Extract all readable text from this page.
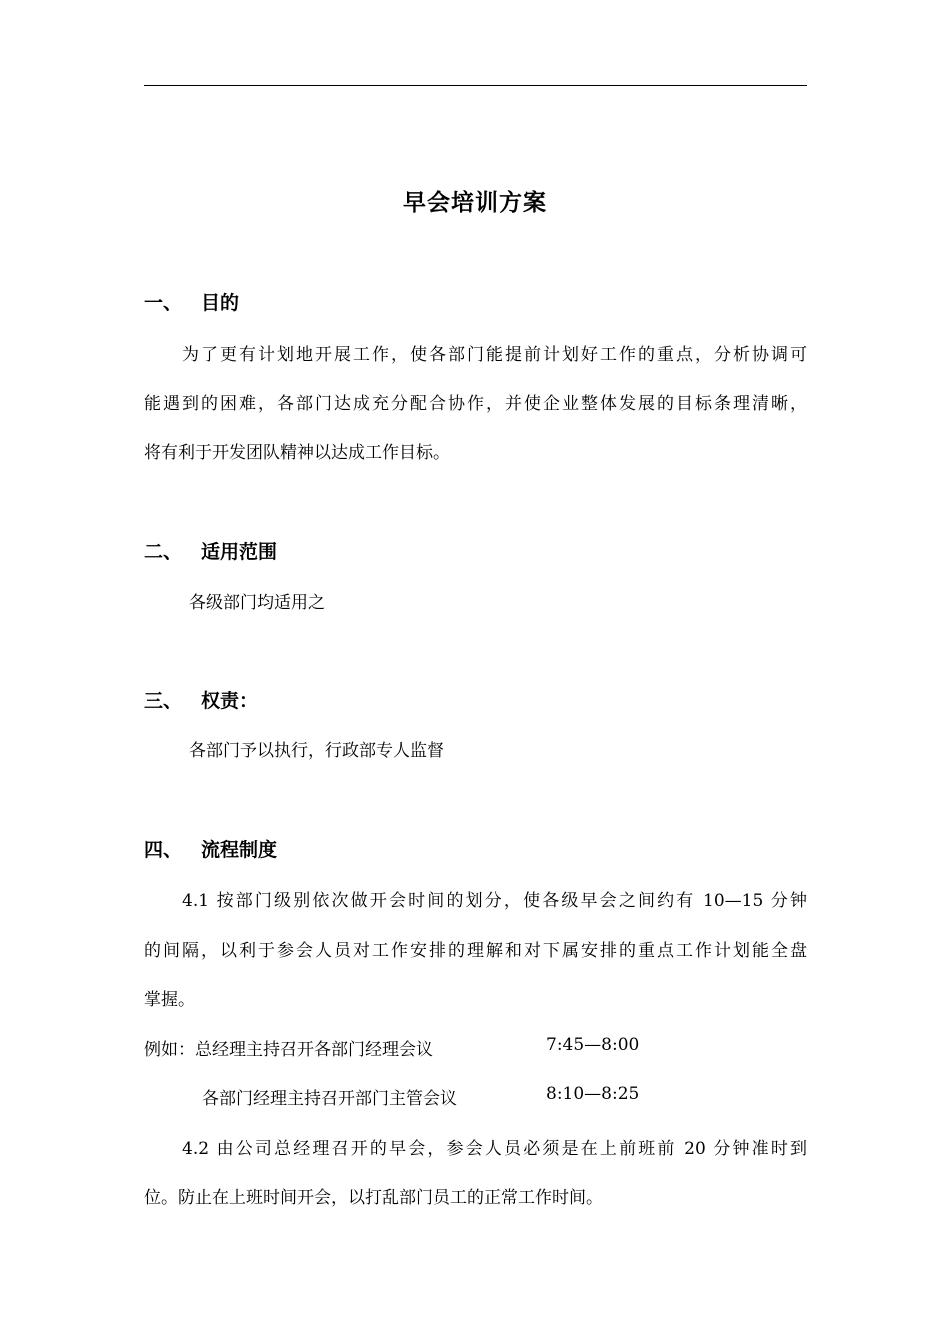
早会培训方案
一、 目的
为了更有计划地开展工作，使各部门能提前计划好工作的重点，分析协调可
能遇到的困难，各部门达成充分配合协作，并使企业整体发展的目标条理清晰，
将有利于开发团队精神以达成工作目标。
二、 适用范围
各级部门均适用之
三、 权责：
各部门予以执行，行政部专人监督
四、 流程制度
4.1 按部门级别依次做开会时间的划分，使各级早会之间约有 10—15 分钟
的间隔，以利于参会人员对工作安排的理解和对下属安排的重点工作计划能全盘
掌握。
例如：总经理主持召开各部门经理会议	7:45—8:00
各部门经理主持召开部门主管会议	8:10—8:25
4.2 由公司总经理召开的早会，参会人员必须是在上前班前 20 分钟准时到
位。防止在上班时间开会，以打乱部门员工的正常工作时间。
